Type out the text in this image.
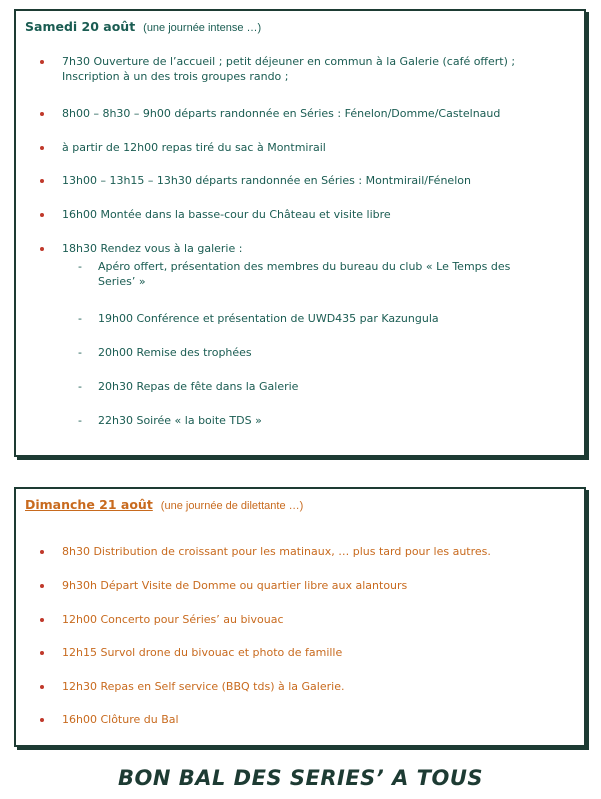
Samedi 20 août (une journée intense …)
7h30 Ouverture de l’accueil ; petit déjeuner en commun à la Galerie (café offert) ;
Inscription à un des trois groupes rando ;
8h00 – 8h30 – 9h00 départs randonnée en Séries : Fénelon/Domme/Castelnaud
à partir de 12h00 repas tiré du sac à Montmirail
13h00 – 13h15 – 13h30 départs randonnée en Séries : Montmirail/Fénelon
16h00 Montée dans la basse-cour du Château et visite libre
18h30 Rendez vous à la galerie :
- Apéro offert, présentation des membres du bureau du club « Le Temps des
Series’ »
- 19h00 Conférence et présentation de UWD435 par Kazungula
- 20h00 Remise des trophées
- 20h30 Repas de fête dans la Galerie
- 22h30 Soirée « la boite TDS »
Dimanche 21 août (une journée de dilettante …)
8h30 Distribution de croissant pour les matinaux, … plus tard pour les autres.
9h30h Départ Visite de Domme ou quartier libre aux alantours
12h00 Concerto pour Séries’ au bivouac
12h15 Survol drone du bivouac et photo de famille
12h30 Repas en Self service (BBQ tds) à la Galerie.
16h00 Clôture du Bal
BON BAL DES SERIES’ A TOUS
